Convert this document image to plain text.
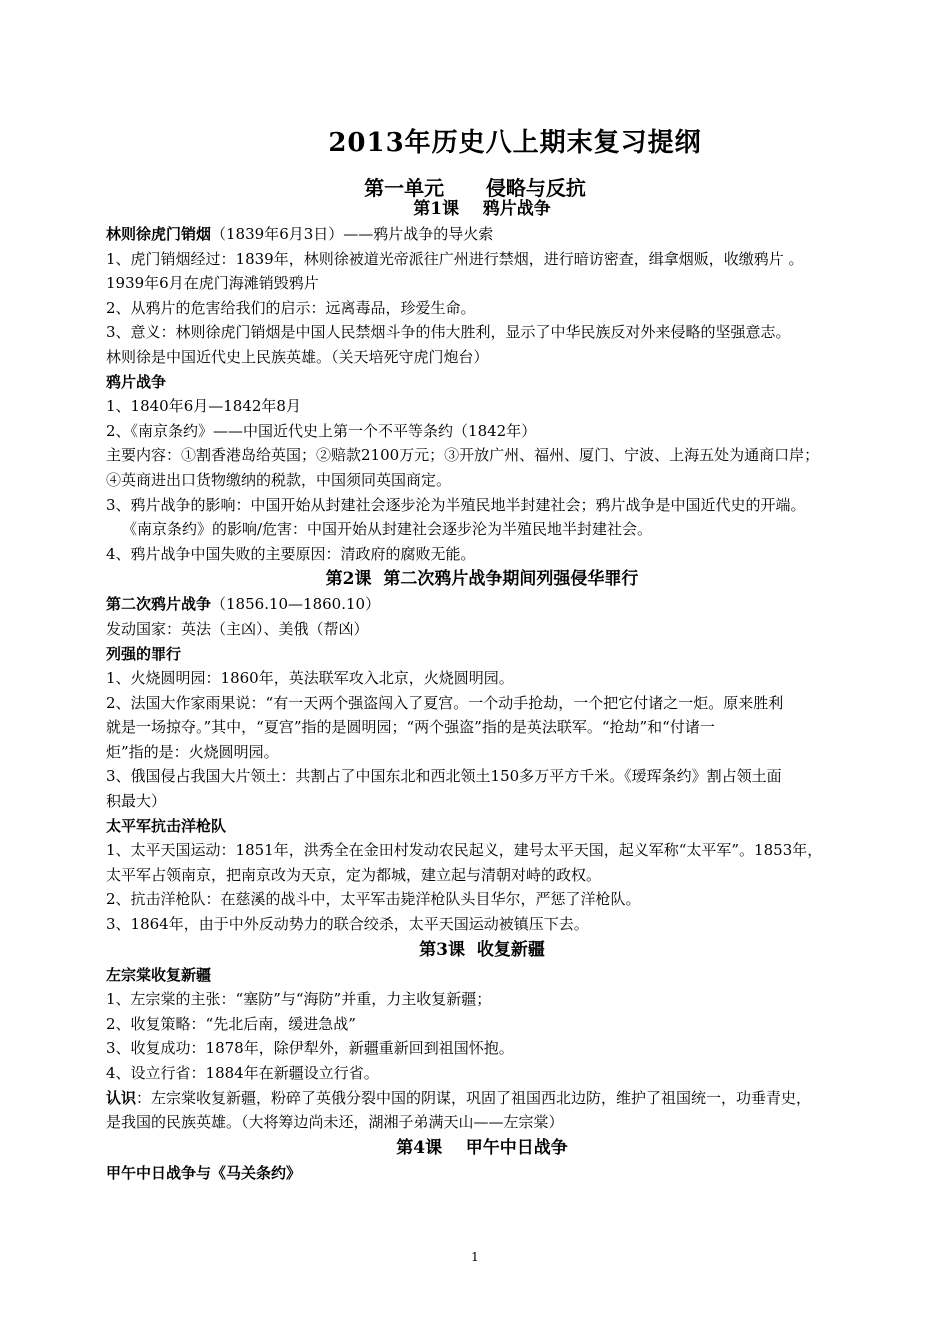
2013年历史八上期末复习提纲
第一单元      侵略与反抗
第1课    鸦片战争
林则徐虎门销烟（1839年6月3日）——鸦片战争的导火索
1、虎门销烟经过：1839年，林则徐被道光帝派往广州进行禁烟，进行暗访密查，缉拿烟贩，收缴鸦片 。
1939年6月在虎门海滩销毁鸦片
2、从鸦片的危害给我们的启示：远离毒品，珍爱生命。
3、意义：林则徐虎门销烟是中国人民禁烟斗争的伟大胜利，显示了中华民族反对外来侵略的坚强意志。
林则徐是中国近代史上民族英雄。（关天培死守虎门炮台）
鸦片战争
1、1840年6月—1842年8月
2、《南京条约》——中国近代史上第一个不平等条约（1842年）
主要内容：①割香港岛给英国；②赔款2100万元；③开放广州、福州、厦门、宁波、上海五处为通商口岸；
④英商进出口货物缴纳的税款，中国须同英国商定。
3、鸦片战争的影响：中国开始从封建社会逐步沦为半殖民地半封建社会；鸦片战争是中国近代史的开端。
《南京条约》的影响/危害：中国开始从封建社会逐步沦为半殖民地半封建社会。
4、鸦片战争中国失败的主要原因：清政府的腐败无能。
第2课  第二次鸦片战争期间列强侵华罪行
第二次鸦片战争（1856.10—1860.10）
发动国家：英法（主凶）、美俄（帮凶）
列强的罪行
1、火烧圆明园：1860年，英法联军攻入北京，火烧圆明园。
2、法国大作家雨果说：“有一天两个强盗闯入了夏宫。一个动手抢劫，一个把它付诸之一炬。原来胜利
就是一场掠夺。”其中，“夏宫”指的是圆明园；“两个强盗”指的是英法联军。“抢劫”和“付诸一
炬”指的是：火烧圆明园。
3、俄国侵占我国大片领土：共割占了中国东北和西北领土150多万平方千米。《瑷珲条约》割占领土面
积最大）
太平军抗击洋枪队
1、太平天国运动：1851年，洪秀全在金田村发动农民起义，建号太平天国，起义军称“太平军”。1853年，
太平军占领南京，把南京改为天京，定为都城，建立起与清朝对峙的政权。
2、抗击洋枪队：在慈溪的战斗中，太平军击毙洋枪队头目华尔，严惩了洋枪队。
3、1864年，由于中外反动势力的联合绞杀，太平天国运动被镇压下去。
第3课  收复新疆
左宗棠收复新疆
1、左宗棠的主张：“塞防”与“海防”并重，力主收复新疆；
2、收复策略：“先北后南，缓进急战”
3、收复成功：1878年，除伊犁外，新疆重新回到祖国怀抱。
4、设立行省：1884年在新疆设立行省。
认识：左宗棠收复新疆，粉碎了英俄分裂中国的阴谋，巩固了祖国西北边防，维护了祖国统一，功垂青史，
是我国的民族英雄。（大将筹边尚未还，湖湘子弟满天山——左宗棠）
第4课    甲午中日战争
甲午中日战争与《马关条约》
1
